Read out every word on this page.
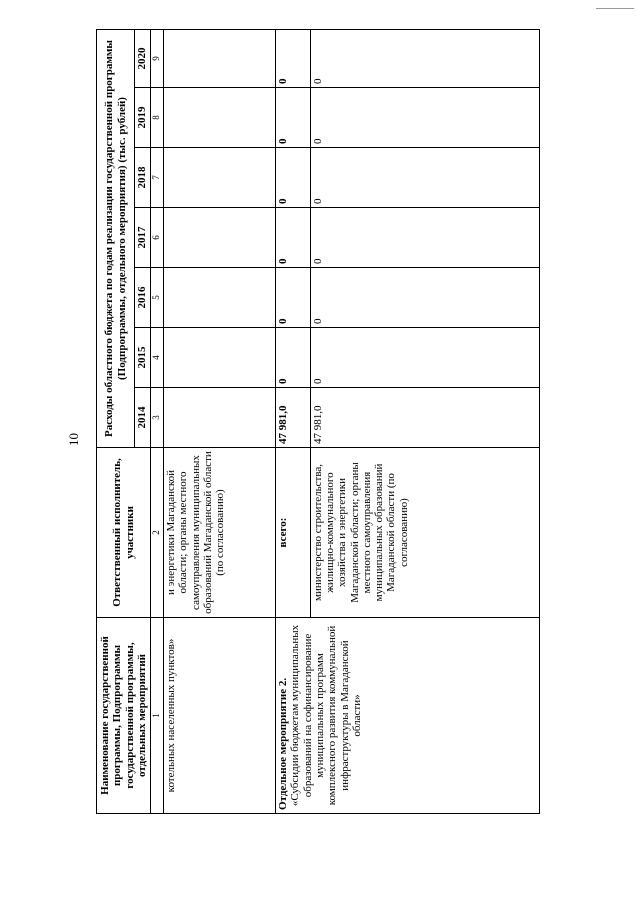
10
Наименование государственной программы, Подпрограммы государственной программы, отдельных мероприятий	Ответственный исполнитель, участники	Расходы областного бюджета по годам реализации государственной программы (Подпрограммы, отдельного мероприятия) (тыс. рублей)						
		2014	2015	2016	2017	2018	2019	2020
1	2	3	4	5	6	7	8	9
котельных населенных пунктов»	и энергетики Магаданской области; органы местного самоуправления муниципальных образований Магаданской области (по согласованию)							

Отдельное мероприятие 2. «Субсидии бюджетам муниципальных образований на софинансирование муниципальных программ комплексного развития коммунальной инфраструктуры в Магаданской области»	всего:	47 981,0	0	0	0	0	0	0
	министерство строительства, жилищно-коммунального хозяйства и энергетики Магаданской области; органы местного самоуправления муниципальных образований Магаданской области (по согласованию)	47 981,0	0	0	0	0	0	0
